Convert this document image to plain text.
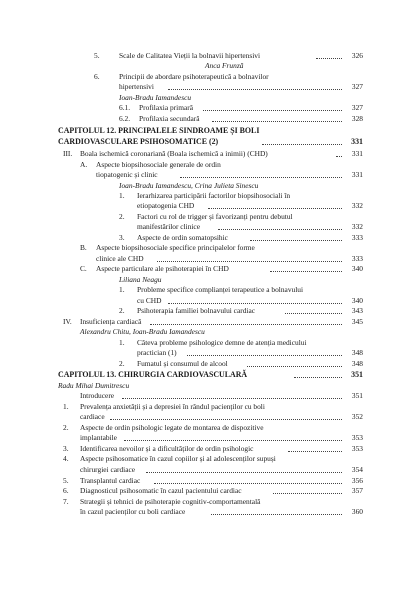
5.	Scale de Calitatea Vieții la bolnavii hipertensivi	326
Anca Frunză
6.	Principii de abordare psihoterapeutică a bolnavilor
hipertensivi	327
Ioan-Bradu Iamandescu
6.1. Profilaxia primară	327
6.2. Profilaxia secundară	328
CAPITOLUL 12. PRINCIPALELE SINDROAME ȘI BOLI
CARDIOVASCULARE PSIHOSOMATICE (2)	331
III. Boala ischemică coronariană (Boala ischemică a inimii) (CHD)	331
A. Aspecte biopsihosociale generale de ordin
tiopatogenic și clinic	331
Ioan-Bradu Iamandescu, Crina Julieta Sinescu
1. Ierarhizarea participării factorilor biopsihosociali în
etiopatogenia CHD	332
2. Factori cu rol de trigger și favorizanți pentru debutul
manifestărilor clinice	332
3. Aspecte de ordin somatopsihic	333
B. Aspecte biopsihosociale specifice principalelor forme
clinice ale CHD	333
C. Aspecte particulare ale psihoterapiei în CHD	340
Liliana Neagu
1. Probleme specifice complianței terapeutice a bolnavului
cu CHD	340
2. Psihoterapia familiei bolnavului cardiac	343
IV. Insuficiența cardiacă	345
Alexandru Chitu, Ioan-Bradu Iamandescu
1. Câteva probleme psihologice demne de atenția medicului
practician (1)	348
2. Fumatul și consumul de alcool	348
CAPITOLUL 13. CHIRURGIA CARDIOVASCULARĂ	351
Radu Mihai Dumitrescu
Introducere	351
1. Prevalența anxietății și a depresiei în rândul pacienților cu boli
cardiace	352
2. Aspecte de ordin psihologic legate de montarea de dispozitive
implantabile	353
3. Identificarea nevoilor și a dificultăților de ordin psihologic	353
4. Aspecte psihosomatice în cazul copiilor și al adolescenților supuși
chirurgiei cardiace	354
5. Transplantul cardiac	356
6. Diagnosticul psihosomatic în cazul pacientului cardiac	357
7. Strategii și tehnici de psihoterapie cognitiv-comportamentală
în cazul pacienților cu boli cardiace	360
